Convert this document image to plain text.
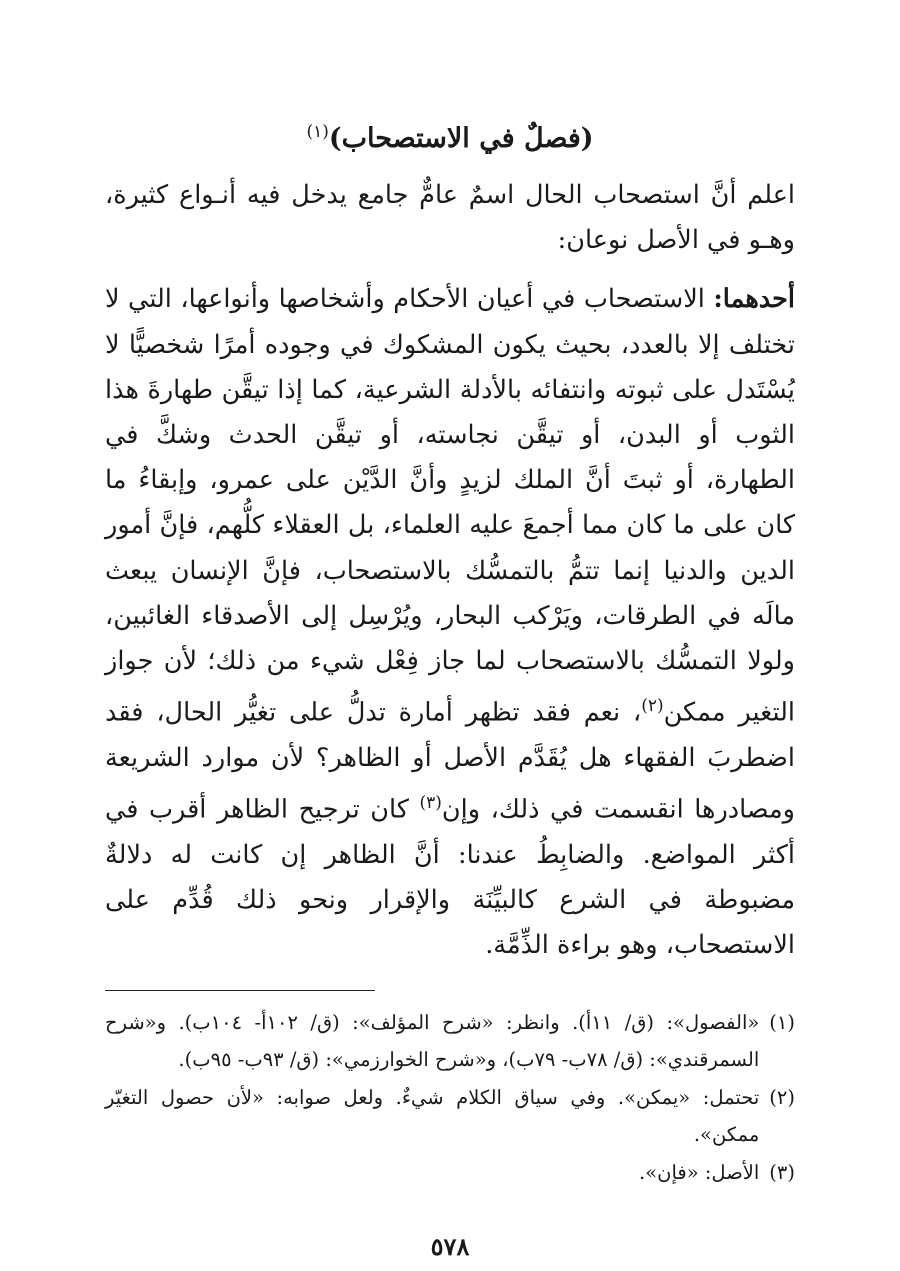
(فصلٌ في الاستصحاب)$^{(١)}$

اعلم أنَّ استصحاب الحال اسمٌ عامٌّ جامع يدخل فيه أنـواع كثيرة، وهـو في الأصل نوعان:

أحدهما: الاستصحاب في أعيان الأحكام وأشخاصها وأنواعها، التي لا تختلف إلا بالعدد، بحيث يكون المشكوك في وجوده أمرًا شخصيًّا لا يُسْتَدل على ثبوته وانتفائه بالأدلة الشرعية، كما إذا تيقَّن طهارةَ هذا الثوب أو البدن، أو تيقَّن نجاسته، أو تيقَّن الحدث وشكَّ في الطهارة، أو ثبتَ أنَّ الملك لزيدٍ وأنَّ الدَّيْن على عمرو، وإبقاءُ ما كان على ما كان مما أجمعَ عليه العلماء، بل العقلاء كلُّهم، فإنَّ أمور الدين والدنيا إنما تتمُّ بالتمسُّك بالاستصحاب، فإنَّ الإنسان يبعث مالَه في الطرقات، ويَرْكب البحار، ويُرْسِل إلى الأصدقاء الغائبين، ولولا التمسُّك بالاستصحاب لما جاز فِعْل شيء من ذلك؛ لأن جواز التغير ممكن$^{(٢)}$، نعم فقد تظهر أمارة تدلُّ على تغيُّر الحال، فقد اضطربَ الفقهاء هل يُقَدَّم الأصل أو الظاهر؟ لأن موارد الشريعة ومصادرها انقسمت في ذلك، وإن$^{(٣)}$ كان ترجيح الظاهر أقرب في أكثر المواضع. والضابِطُ عندنا: أنَّ الظاهر إن كانت له دلالةٌ مضبوطة في الشرع كالبيِّنَة والإقرار ونحو ذلك قُدِّم على الاستصحاب، وهو براءة الذِّمَّة.

(١)
«الفصول»: (ق/ ١١أ). وانظر: «شرح المؤلف»: (ق/ ١٠٢أ- ١٠٤ب). و«شرح السمرقندي»: (ق/ ٧٨ب- ٧٩ب)، و«شرح الخوارزمي»: (ق/ ٩٣ب- ٩٥ب).
(٢)
تحتمل: «يمكن». وفي سياق الكلام شيءٌ. ولعل صوابه: «لأن حصول التغيّر ممكن».
(٣)
الأصل: «فإن».
٥٧٨
